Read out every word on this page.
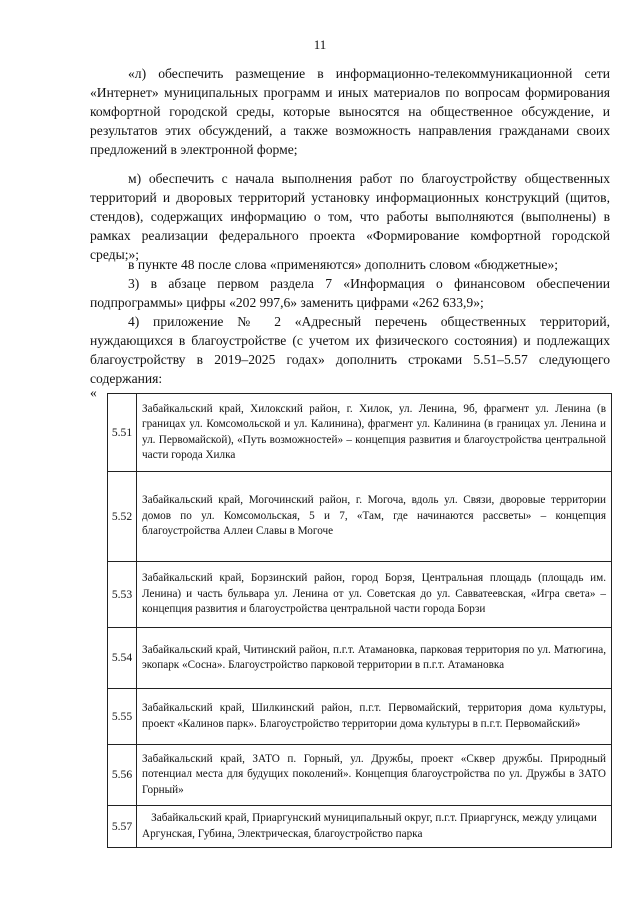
11

«л) обеспечить размещение в информационно-телекоммуникационной сети «Интернет» муниципальных программ и иных материалов по вопросам формирования комфортной городской среды, которые выносятся на общественное обсуждение, и результатов этих обсуждений, а также возможность направления гражданами своих предложений в электронной форме;

м) обеспечить с начала выполнения работ по благоустройству общественных территорий и дворовых территорий установку информационных конструкций (щитов, стендов), содержащих информацию о том, что работы выполняются (выполнены) в рамках реализации федерального проекта «Формирование комфортной городской среды;»;

в пункте 48 после слова «применяются» дополнить словом «бюджетные»;

3) в абзаце первом раздела 7 «Информация о финансовом обеспечении подпрограммы» цифры «202 997,6» заменить цифрами «262 633,9»;

4) приложение № 2 «Адресный перечень общественных территорий, нуждающихся в благоустройстве (с учетом их физического состояния) и подлежащих благоустройству в 2019–2025 годах» дополнить строками 5.51–5.57 следующего содержания:

«
5.51	Забайкальский край, Хилокский район, г. Хилок, ул. Ленина, 9б, фрагмент ул. Ленина (в границах ул. Комсомольской и ул. Калинина), фрагмент ул. Калинина (в границах ул. Ленина и ул. Первомайской), «Путь возможностей» – концепция развития и благоустройства центральной части города Хилка
5.52	Забайкальский край, Могочинский район, г. Могоча, вдоль ул. Связи, дворовые территории домов по ул. Комсомольская, 5 и 7, «Там, где начинаются рассветы» – концепция благоустройства Аллеи Славы в Могоче
5.53	Забайкальский край, Борзинский район, город Борзя, Центральная площадь (площадь им. Ленина) и часть бульвара ул. Ленина от ул. Советская до ул. Савватеевская, «Игра света» – концепция развития и благоустройства центральной части города Борзи
5.54	Забайкальский край, Читинский район, п.г.т. Атамановка, парковая территория по ул. Матюгина, экопарк «Сосна». Благоустройство парковой территории в п.г.т. Атамановка
5.55	Забайкальский край, Шилкинский район, п.г.т. Первомайский, территория дома культуры, проект «Калинов парк». Благоустройство территории дома культуры в п.г.т. Первомайский»
5.56	Забайкальский край, ЗАТО п. Горный, ул. Дружбы, проект «Сквер дружбы. Природный потенциал места для будущих поколений». Концепция благоустройства по ул. Дружбы в ЗАТО Горный»
5.57	Забайкальский край, Приаргунский муниципальный округ, п.г.т. Приаргунск, между улицами Аргунская, Губина, Электрическая, благоустройство парка
